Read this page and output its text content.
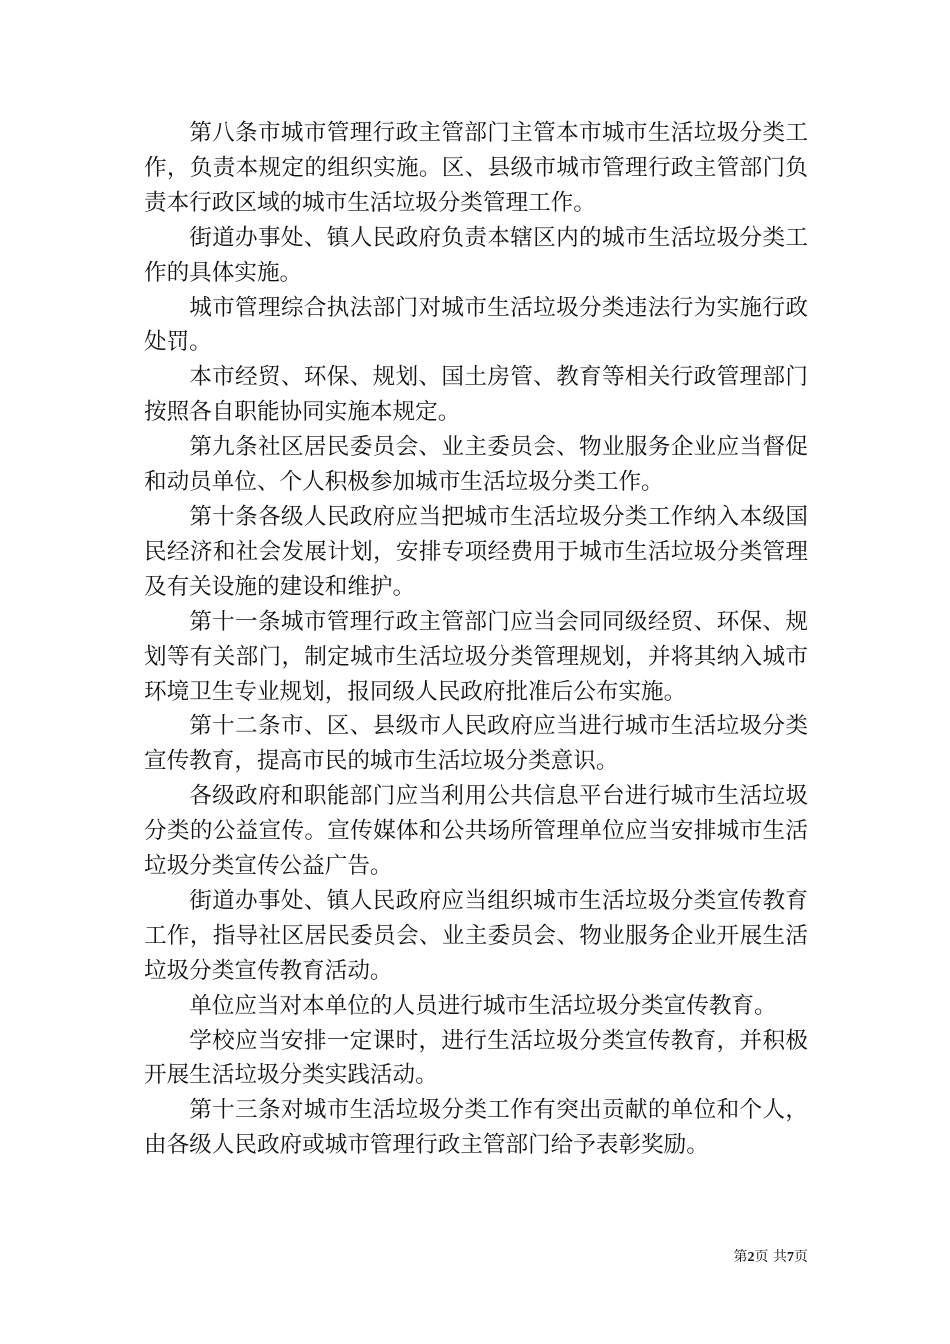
第八条市城市管理行政主管部门主管本市城市生活垃圾分类工作，负责本规定的组织实施。区、县级市城市管理行政主管部门负责本行政区域的城市生活垃圾分类管理工作。

街道办事处、镇人民政府负责本辖区内的城市生活垃圾分类工作的具体实施。

城市管理综合执法部门对城市生活垃圾分类违法行为实施行政处罚。

本市经贸、环保、规划、国土房管、教育等相关行政管理部门按照各自职能协同实施本规定。

第九条社区居民委员会、业主委员会、物业服务企业应当督促和动员单位、个人积极参加城市生活垃圾分类工作。

第十条各级人民政府应当把城市生活垃圾分类工作纳入本级国民经济和社会发展计划，安排专项经费用于城市生活垃圾分类管理及有关设施的建设和维护。

第十一条城市管理行政主管部门应当会同同级经贸、环保、规划等有关部门，制定城市生活垃圾分类管理规划，并将其纳入城市环境卫生专业规划，报同级人民政府批准后公布实施。

第十二条市、区、县级市人民政府应当进行城市生活垃圾分类宣传教育，提高市民的城市生活垃圾分类意识。

各级政府和职能部门应当利用公共信息平台进行城市生活垃圾分类的公益宣传。宣传媒体和公共场所管理单位应当安排城市生活垃圾分类宣传公益广告。

街道办事处、镇人民政府应当组织城市生活垃圾分类宣传教育工作，指导社区居民委员会、业主委员会、物业服务企业开展生活垃圾分类宣传教育活动。

单位应当对本单位的人员进行城市生活垃圾分类宣传教育。

学校应当安排一定课时，进行生活垃圾分类宣传教育，并积极开展生活垃圾分类实践活动。

第十三条对城市生活垃圾分类工作有突出贡献的单位和个人，由各级人民政府或城市管理行政主管部门给予表彰奖励。

第2页 共7页
